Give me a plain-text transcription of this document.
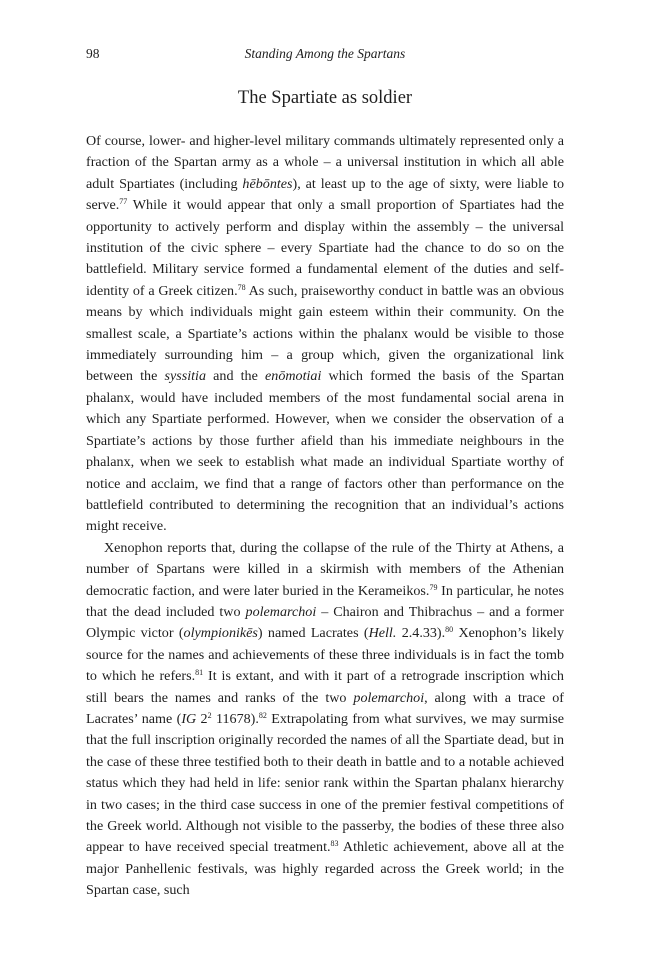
98	Standing Among the Spartans
The Spartiate as soldier

Of course, lower- and higher-level military commands ultimately represented only a fraction of the Spartan army as a whole – a universal institution in which all able adult Spartiates (including hēbōntes), at least up to the age of sixty, were liable to serve.$^{77}$ While it would appear that only a small proportion of Spartiates had the opportunity to actively perform and display within the assembly – the universal institution of the civic sphere – every Spartiate had the chance to do so on the battlefield. Military service formed a fundamental element of the duties and self-identity of a Greek citizen.$^{78}$ As such, praiseworthy conduct in battle was an obvious means by which individuals might gain esteem within their community. On the smallest scale, a Spartiate’s actions within the phalanx would be visible to those immediately surrounding him – a group which, given the organizational link between the syssitia and the enōmotiai which formed the basis of the Spartan phalanx, would have included members of the most fundamental social arena in which any Spartiate performed. However, when we consider the observation of a Spartiate’s actions by those further afield than his immediate neighbours in the phalanx, when we seek to establish what made an individual Spartiate worthy of notice and acclaim, we find that a range of factors other than performance on the battlefield contributed to determining the recognition that an individual’s actions might receive.

Xenophon reports that, during the collapse of the rule of the Thirty at Athens, a number of Spartans were killed in a skirmish with members of the Athenian democratic faction, and were later buried in the Kerameikos.$^{79}$ In particular, he notes that the dead included two polemarchoi – Chairon and Thibrachus – and a former Olympic victor (olympionikēs) named Lacrates (Hell. 2.4.33).$^{80}$ Xenophon’s likely source for the names and achievements of these three individuals is in fact the tomb to which he refers.$^{81}$ It is extant, and with it part of a retrograde inscription which still bears the names and ranks of the two polemarchoi, along with a trace of Lacrates’ name (IG $2^2$ 11678).$^{82}$ Extrapolating from what survives, we may surmise that the full inscription originally recorded the names of all the Spartiate dead, but in the case of these three testified both to their death in battle and to a notable achieved status which they had held in life: senior rank within the Spartan phalanx hierarchy in two cases; in the third case success in one of the premier festival competitions of the Greek world. Although not visible to the passerby, the bodies of these three also appear to have received special treatment.$^{83}$ Athletic achievement, above all at the major Panhellenic festivals, was highly regarded across the Greek world; in the Spartan case, such
